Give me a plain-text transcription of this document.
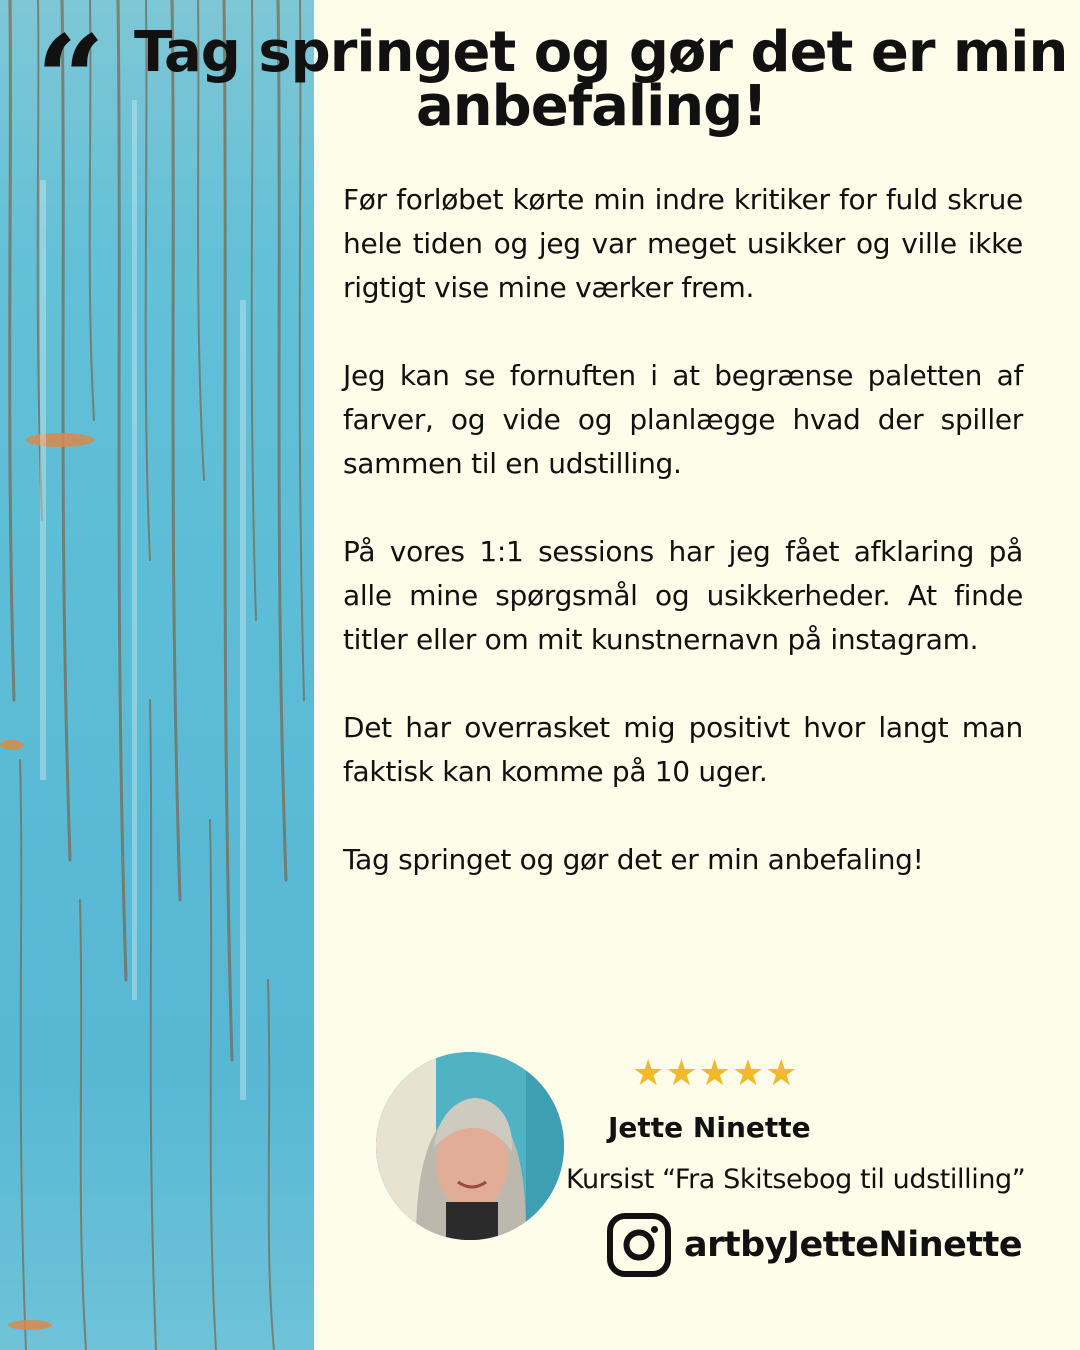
“ Tag springet og gør det er min
anbefaling!

Før forløbet kørte min indre kritiker for fuld skrue hele tiden og jeg var meget usikker og ville ikke rigtigt vise mine værker frem.

Jeg kan se fornuften i at begrænse paletten af farver, og vide og planlægge hvad der spiller sammen til en udstilling.

På vores 1:1 sessions har jeg fået afklaring på alle mine spørgsmål og usikkerheder. At finde titler eller om mit kunstnernavn på instagram.

Det har overrasket mig positivt hvor langt man faktisk kan komme på 10 uger.

Tag springet og gør det er min anbefaling!

★★★★★
Jette Ninette
Kursist “Fra Skitsebog til udstilling”
artbyJetteNinette
